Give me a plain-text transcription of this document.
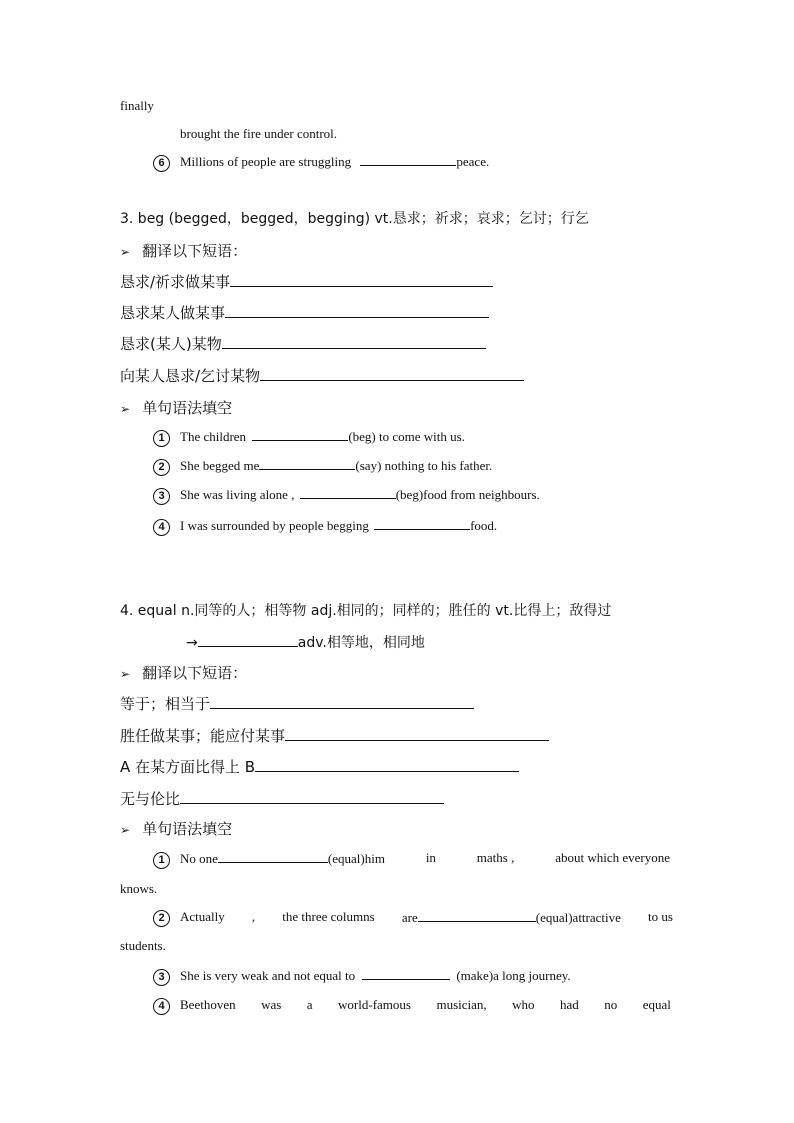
finally
brought the fire under control.
6 Millions of people are struggling	peace.
3. beg (begged，begged，begging) vt.恳求；祈求；哀求；乞讨；行乞
➢ 翻译以下短语：
恳求/祈求做某事
恳求某人做某事
恳求(某人)某物
向某人恳求/乞讨某物
➢ 单句语法填空
1 The children	(beg) to come with us.
2 She begged me	(say) nothing to his father.
3 She was living alone ,	(beg)food from neighbours.
4 I was surrounded by people begging	food.
4. equal n.同等的人；相等物 adj.相同的；同样的；胜任的 vt.比得上；敌得过
→	adv.相等地，相同地
➢ 翻译以下短语：
等于；相当于
胜任做某事；能应付某事
A 在某方面比得上 B
无与伦比
➢ 单句语法填空
1 No one	(equal)him	in	maths ,	about which everyone
knows.
2 Actually , the three columns are	(equal)attractive to us
students.
3 She is very weak and not equal to	(make)a long journey.
4 Beethoven was a world-famous musician, who had no equal
